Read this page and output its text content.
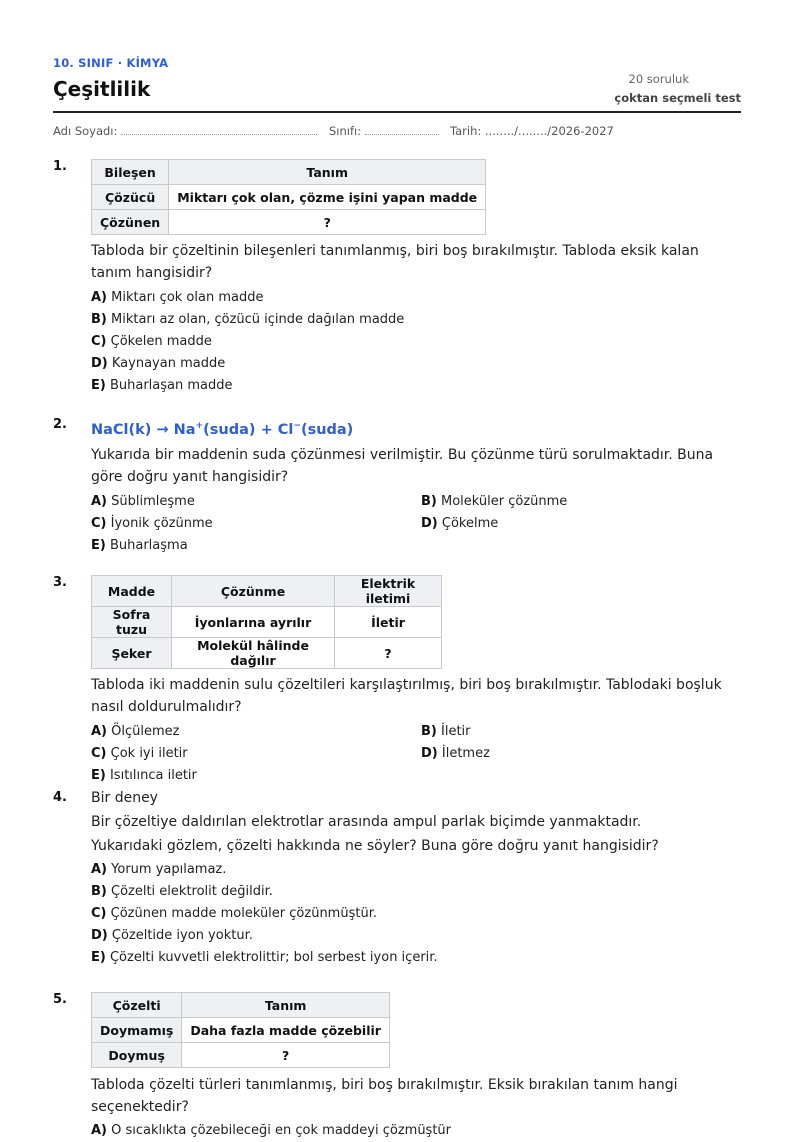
10. SINIF · KİMYA
Çeşitlilik	20 soruluk
çoktan seçmeli test
Adı Soyadı:	Sınıfı:	Tarih: ......../......../2026-2027
1.	Bileşen	Tanım
Çözücü	Miktarı çok olan, çözme işini yapan madde
Çözünen	?

Tabloda bir çözeltinin bileşenleri tanımlanmış, biri boş bırakılmıştır. Tabloda eksik kalan tanım hangisidir?

A) Miktarı çok olan madde
B) Miktarı az olan, çözücü içinde dağılan madde
C) Çökelen madde
D) Kaynayan madde
E) Buharlaşan madde
2. NaCl(k) → Na+(suda) + Cl−(suda)

Yukarıda bir maddenin suda çözünmesi verilmiştir. Bu çözünme türü sorulmaktadır. Buna göre doğru yanıt hangisidir?

A) Süblimleşme	B) Moleküler çözünme
C) İyonik çözünme	D) Çökelme
E) Buharlaşma
3.
Madde	Çözünme	Elektrik iletimi
Sofra tuzu	İyonlarına ayrılır	İletir
Şeker	Molekül hâlinde dağılır	?

Tabloda iki maddenin sulu çözeltileri karşılaştırılmış, biri boş bırakılmıştır. Tablodaki boşluk nasıl doldurulmalıdır?

A) Ölçülemez	B) İletir
C) Çok iyi iletir	D) İletmez
E) Isıtılınca iletir
4. Bir deney

Bir çözeltiye daldırılan elektrotlar arasında ampul parlak biçimde yanmaktadır.

Yukarıdaki gözlem, çözelti hakkında ne söyler? Buna göre doğru yanıt hangisidir?

A) Yorum yapılamaz.
B) Çözelti elektrolit değildir.
C) Çözünen madde moleküler çözünmüştür.
D) Çözeltide iyon yoktur.
E) Çözelti kuvvetli elektrolittir; bol serbest iyon içerir.
5.	Çözelti	Tanım
Doymamış	Daha fazla madde çözebilir
Doymuş	?

Tabloda çözelti türleri tanımlanmış, biri boş bırakılmıştır. Eksik bırakılan tanım hangi seçenektedir?

A) O sıcaklıkta çözebileceği en çok maddeyi çözmüştür
